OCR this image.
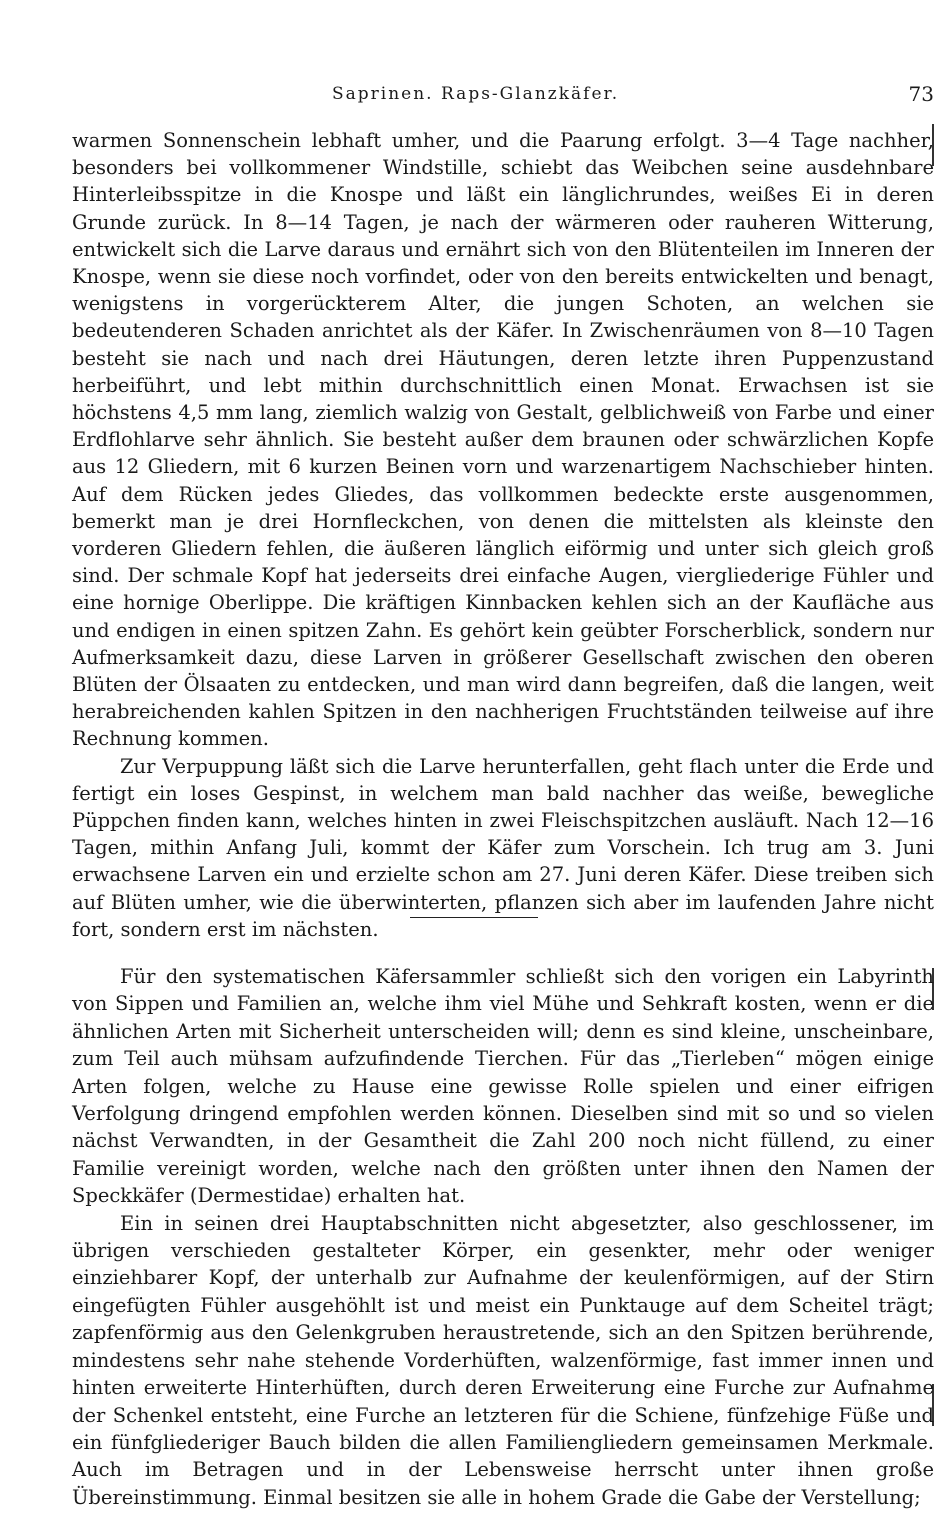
Saprinen. Raps-Glanzkäfer.	73

warmen Sonnenschein lebhaft umher, und die Paarung erfolgt. 3—4 Tage nachher, besonders bei vollkommener Windstille, schiebt das Weibchen seine ausdehnbare Hinterleibsspitze in die Knospe und läßt ein länglichrundes, weißes Ei in deren Grunde zurück. In 8—14 Tagen, je nach der wärmeren oder rauheren Witterung, entwickelt sich die Larve daraus und ernährt sich von den Blütenteilen im Inneren der Knospe, wenn sie diese noch vorfindet, oder von den bereits entwickelten und benagt, wenigstens in vorgerückterem Alter, die jungen Schoten, an welchen sie bedeutenderen Schaden anrichtet als der Käfer. In Zwischenräumen von 8—10 Tagen besteht sie nach und nach drei Häutungen, deren letzte ihren Puppenzustand herbeiführt, und lebt mithin durchschnittlich einen Monat. Erwachsen ist sie höchstens 4,5 mm lang, ziemlich walzig von Gestalt, gelblichweiß von Farbe und einer Erdflohlarve sehr ähnlich. Sie besteht außer dem braunen oder schwärzlichen Kopfe aus 12 Gliedern, mit 6 kurzen Beinen vorn und warzenartigem Nachschieber hinten. Auf dem Rücken jedes Gliedes, das vollkommen bedeckte erste ausgenommen, bemerkt man je drei Hornfleckchen, von denen die mittelsten als kleinste den vorderen Gliedern fehlen, die äußeren länglich eiförmig und unter sich gleich groß sind. Der schmale Kopf hat jederseits drei einfache Augen, viergliederige Fühler und eine hornige Oberlippe. Die kräftigen Kinnbacken kehlen sich an der Kaufläche aus und endigen in einen spitzen Zahn. Es gehört kein geübter Forscherblick, sondern nur Aufmerksamkeit dazu, diese Larven in größerer Gesellschaft zwischen den oberen Blüten der Ölsaaten zu entdecken, und man wird dann begreifen, daß die langen, weit herabreichenden kahlen Spitzen in den nachherigen Fruchtständen teilweise auf ihre Rechnung kommen.

Zur Verpuppung läßt sich die Larve herunterfallen, geht flach unter die Erde und fertigt ein loses Gespinst, in welchem man bald nachher das weiße, bewegliche Püppchen finden kann, welches hinten in zwei Fleischspitzchen ausläuft. Nach 12—16 Tagen, mithin Anfang Juli, kommt der Käfer zum Vorschein. Ich trug am 3. Juni erwachsene Larven ein und erzielte schon am 27. Juni deren Käfer. Diese treiben sich auf Blüten umher, wie die überwinterten, pflanzen sich aber im laufenden Jahre nicht fort, sondern erst im nächsten.

Für den systematischen Käfersammler schließt sich den vorigen ein Labyrinth von Sippen und Familien an, welche ihm viel Mühe und Sehkraft kosten, wenn er die ähnlichen Arten mit Sicherheit unterscheiden will; denn es sind kleine, unscheinbare, zum Teil auch mühsam aufzufindende Tierchen. Für das „Tierleben“ mögen einige Arten folgen, welche zu Hause eine gewisse Rolle spielen und einer eifrigen Verfolgung dringend empfohlen werden können. Dieselben sind mit so und so vielen nächst Verwandten, in der Gesamtheit die Zahl 200 noch nicht füllend, zu einer Familie vereinigt worden, welche nach den größten unter ihnen den Namen der Speckkäfer (Dermestidae) erhalten hat.

Ein in seinen drei Hauptabschnitten nicht abgesetzter, also geschlossener, im übrigen verschieden gestalteter Körper, ein gesenkter, mehr oder weniger einziehbarer Kopf, der unterhalb zur Aufnahme der keulenförmigen, auf der Stirn eingefügten Fühler ausgehöhlt ist und meist ein Punktauge auf dem Scheitel trägt; zapfenförmig aus den Gelenkgruben heraustretende, sich an den Spitzen berührende, mindestens sehr nahe stehende Vorderhüften, walzenförmige, fast immer innen und hinten erweiterte Hinterhüften, durch deren Erweiterung eine Furche zur Aufnahme der Schenkel entsteht, eine Furche an letzteren für die Schiene, fünfzehige Füße und ein fünfgliederiger Bauch bilden die allen Familiengliedern gemeinsamen Merkmale. Auch im Betragen und in der Lebensweise herrscht unter ihnen große Übereinstimmung. Einmal besitzen sie alle in hohem Grade die Gabe der Verstellung;
